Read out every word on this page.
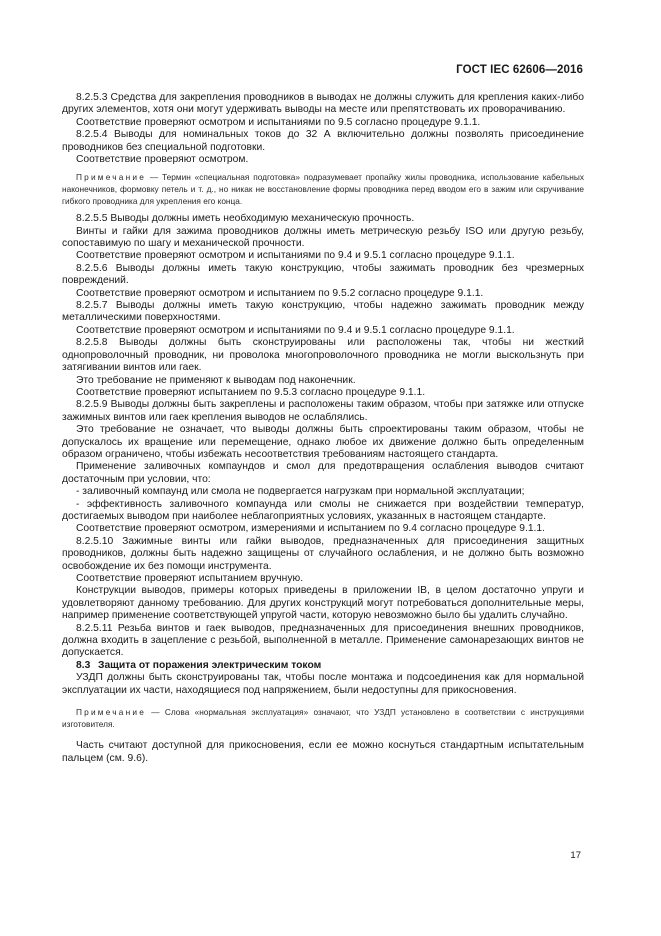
ГОСТ IEC 62606—2016

8.2.5.3 Средства для закрепления проводников в выводах не должны служить для крепления каких-либо других элементов, хотя они могут удерживать выводы на месте или препятствовать их проворачиванию.

Соответствие проверяют осмотром и испытаниями по 9.5 согласно процедуре 9.1.1.

8.2.5.4 Выводы для номинальных токов до 32 А включительно должны позволять присоединение проводников без специальной подготовки.

Соответствие проверяют осмотром.

Примечание — Термин «специальная подготовка» подразумевает пропайку жилы проводника, использование кабельных наконечников, формовку петель и т. д., но никак не восстановление формы проводника перед вводом его в зажим или скручивание гибкого проводника для укрепления его конца.

8.2.5.5 Выводы должны иметь необходимую механическую прочность.

Винты и гайки для зажима проводников должны иметь метрическую резьбу ISO или другую резьбу, сопоставимую по шагу и механической прочности.

Соответствие проверяют осмотром и испытаниями по 9.4 и 9.5.1 согласно процедуре 9.1.1.

8.2.5.6 Выводы должны иметь такую конструкцию, чтобы зажимать проводник без чрезмерных повреждений.

Соответствие проверяют осмотром и испытанием по 9.5.2 согласно процедуре 9.1.1.

8.2.5.7 Выводы должны иметь такую конструкцию, чтобы надежно зажимать проводник между металлическими поверхностями.

Соответствие проверяют осмотром и испытаниями по 9.4 и 9.5.1 согласно процедуре 9.1.1.

8.2.5.8 Выводы должны быть сконструированы или расположены так, чтобы ни жесткий однопроволочный проводник, ни проволока многопроволочного проводника не могли выскользнуть при затягивании винтов или гаек.

Это требование не применяют к выводам под наконечник.

Соответствие проверяют испытанием по 9.5.3 согласно процедуре 9.1.1.

8.2.5.9 Выводы должны быть закреплены и расположены таким образом, чтобы при затяжке или отпуске зажимных винтов или гаек крепления выводов не ослаблялись.

Это требование не означает, что выводы должны быть спроектированы таким образом, чтобы не допускалось их вращение или перемещение, однако любое их движение должно быть определенным образом ограничено, чтобы избежать несоответствия требованиям настоящего стандарта.

Применение заливочных компаундов и смол для предотвращения ослабления выводов считают достаточным при условии, что:

- заливочный компаунд или смола не подвергается нагрузкам при нормальной эксплуатации;

- эффективность заливочного компаунда или смолы не снижается при воздействии температур, достигаемых выводом при наиболее неблагоприятных условиях, указанных в настоящем стандарте.

Соответствие проверяют осмотром, измерениями и испытанием по 9.4 согласно процедуре 9.1.1.

8.2.5.10 Зажимные винты или гайки выводов, предназначенных для присоединения защитных проводников, должны быть надежно защищены от случайного ослабления, и не должно быть возможно освобождение их без помощи инструмента.

Соответствие проверяют испытанием вручную.

Конструкции выводов, примеры которых приведены в приложении IB, в целом достаточно упруги и удовлетворяют данному требованию. Для других конструкций могут потребоваться дополнительные меры, например применение соответствующей упругой части, которую невозможно было бы удалить случайно.

8.2.5.11 Резьба винтов и гаек выводов, предназначенных для присоединения внешних проводников, должна входить в зацепление с резьбой, выполненной в металле. Применение самонарезающих винтов не допускается.

8.3 Защита от поражения электрическим током

УЗДП должны быть сконструированы так, чтобы после монтажа и подсоединения как для нормальной эксплуатации их части, находящиеся под напряжением, были недоступны для прикосновения.

Примечание — Слова «нормальная эксплуатация» означают, что УЗДП установлено в соответствии с инструкциями изготовителя.

Часть считают доступной для прикосновения, если ее можно коснуться стандартным испытательным пальцем (см. 9.6).

17
